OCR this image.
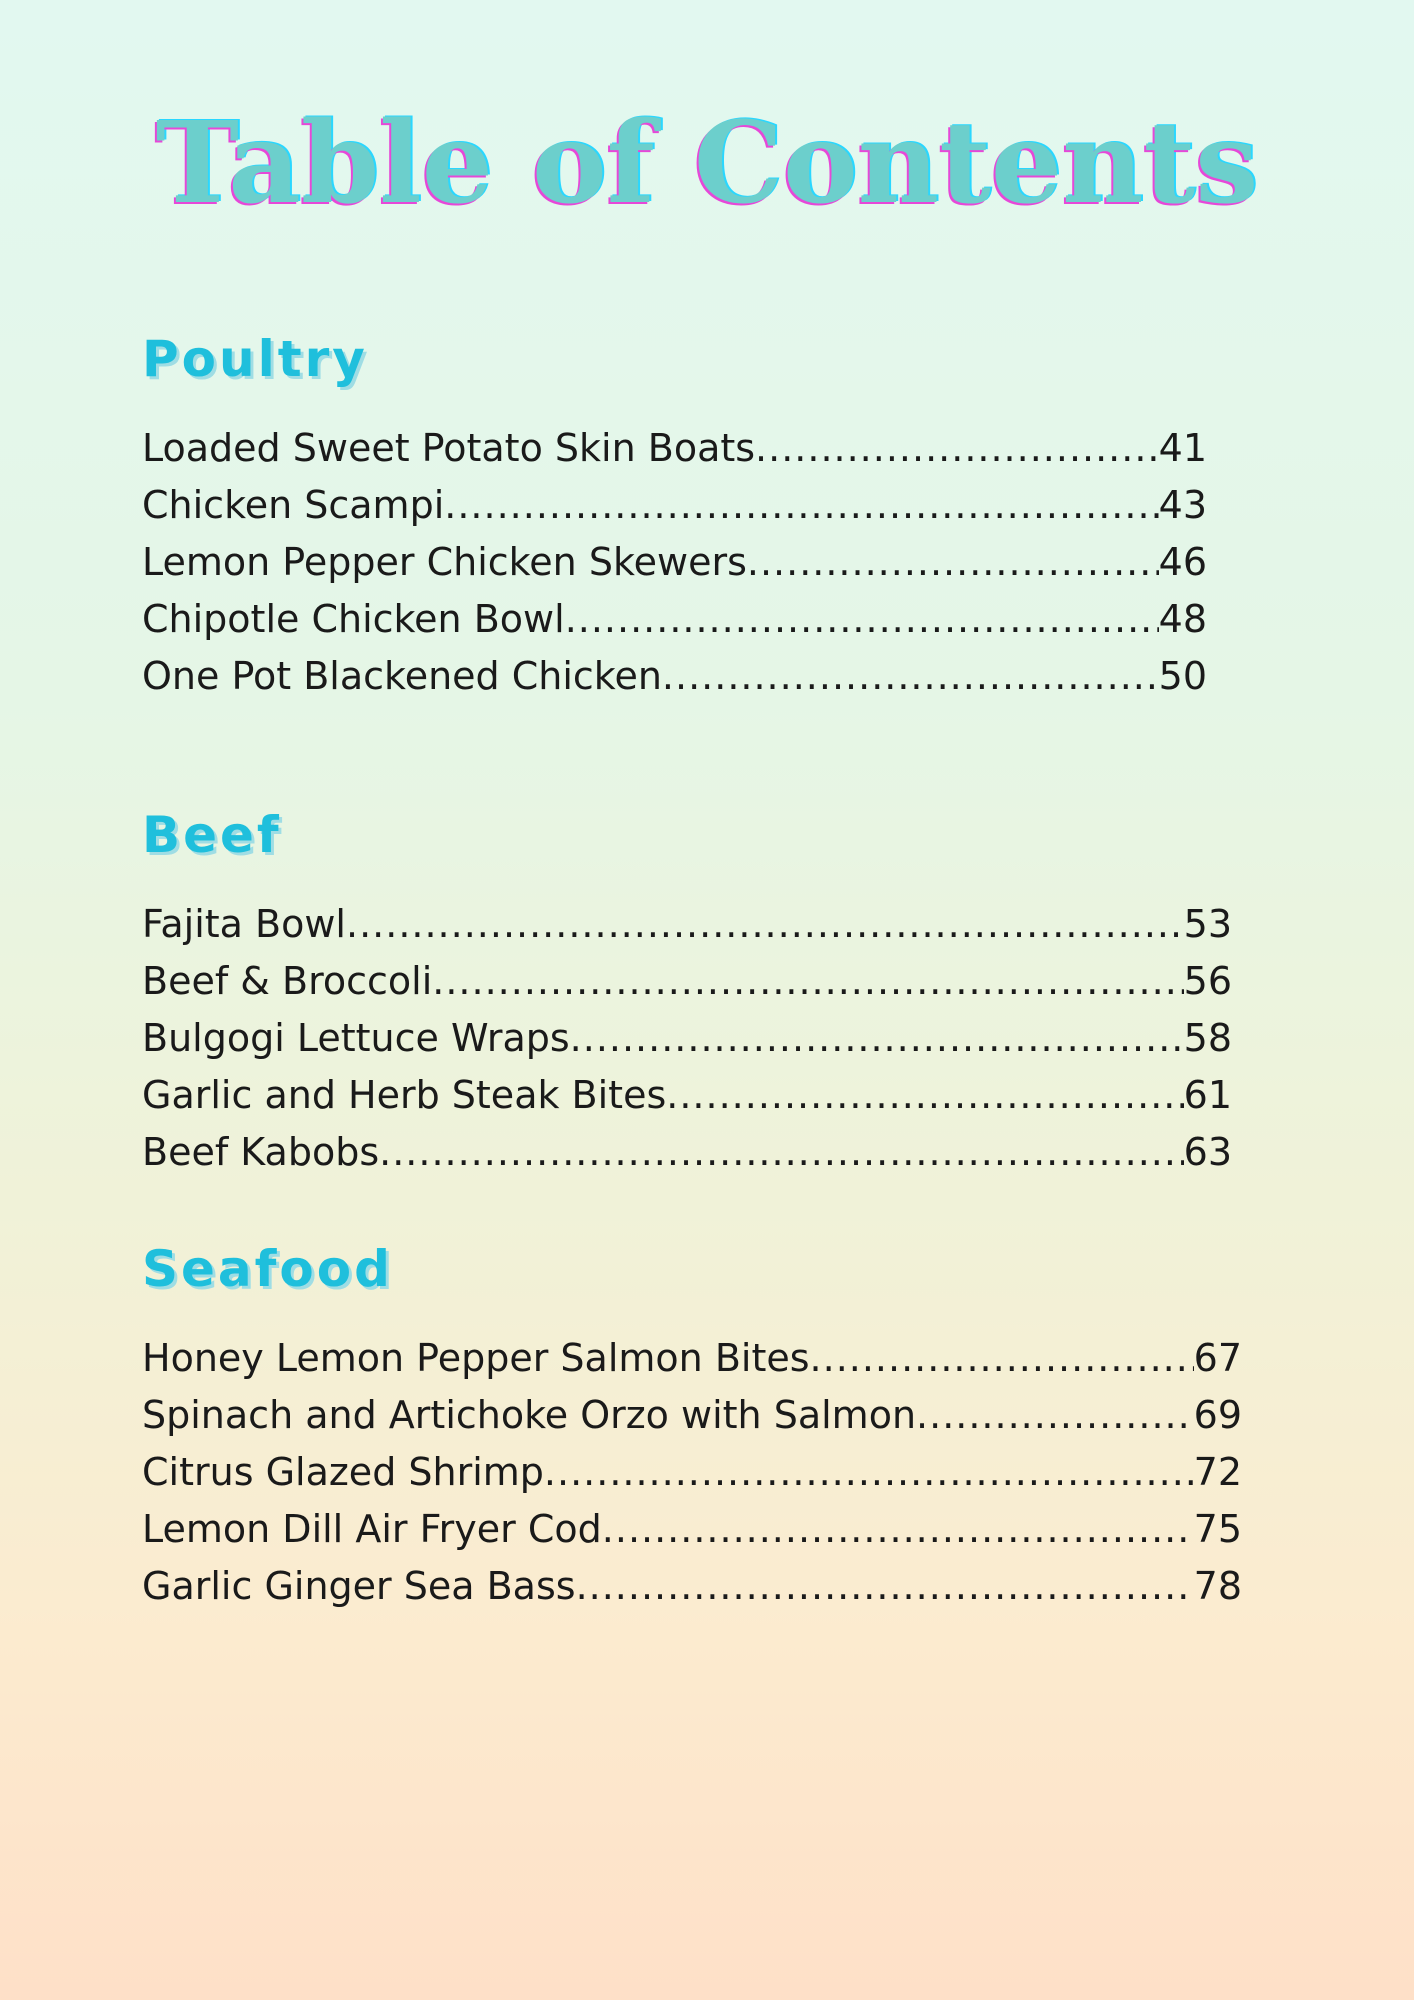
Table of Contents
Poultry
Loaded Sweet Potato Skin Boats .....	41
Chicken Scampi .....	43
Lemon Pepper Chicken Skewers .....	46
Chipotle Chicken Bowl .....	48
One Pot Blackened Chicken .....	50
Beef
Fajita Bowl .....	53
Beef & Broccoli .....	56
Bulgogi Lettuce Wraps .....	58
Garlic and Herb Steak Bites .....	61
Beef Kabobs .....	63
Seafood
Honey Lemon Pepper Salmon Bites .....	67
Spinach and Artichoke Orzo with Salmon .....	69
Citrus Glazed Shrimp .....	72
Lemon Dill Air Fryer Cod .....	75
Garlic Ginger Sea Bass .....	78
